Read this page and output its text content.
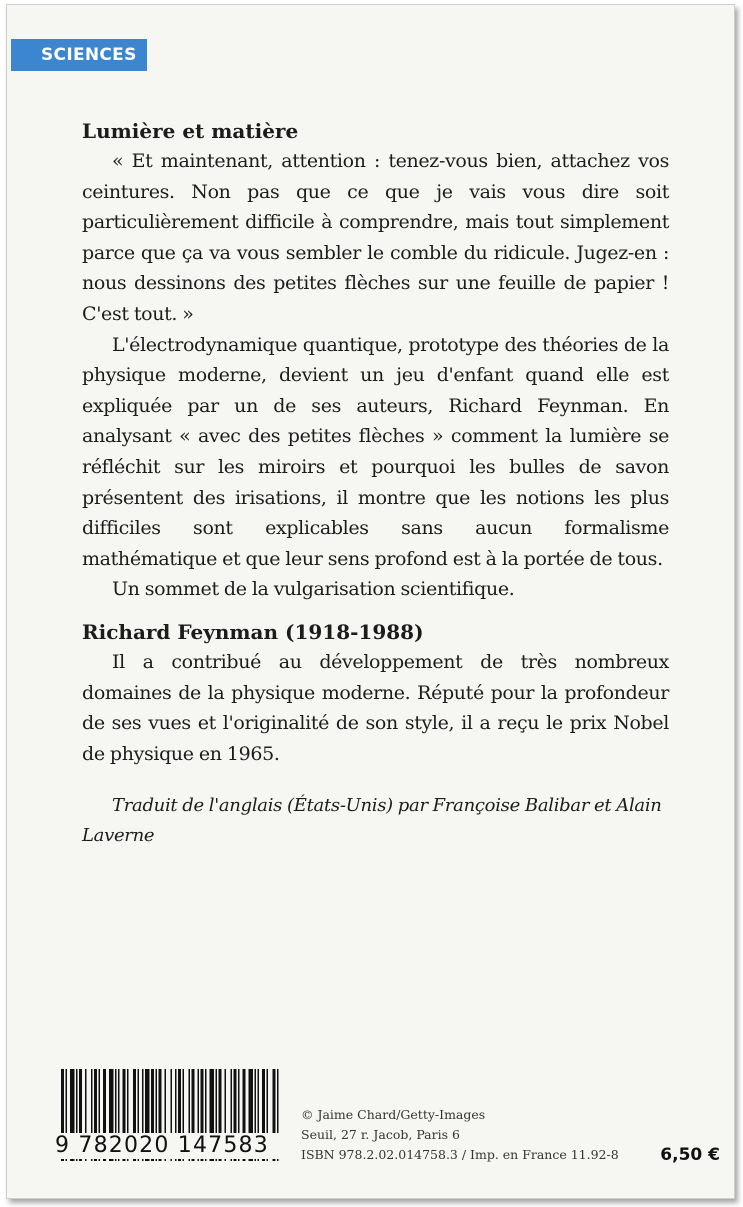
SCIENCES
Lumière et matière

« Et maintenant, attention : tenez-vous bien, attachez vos ceintures. Non pas que ce que je vais vous dire soit particulièrement difficile à comprendre, mais tout simplement parce que ça va vous sembler le comble du ridicule. Jugez-en : nous dessinons des petites flèches sur une feuille de papier ! C'est tout. »

L'électrodynamique quantique, prototype des théories de la physique moderne, devient un jeu d'enfant quand elle est expliquée par un de ses auteurs, Richard Feynman. En analysant « avec des petites flèches » comment la lumière se réfléchit sur les miroirs et pourquoi les bulles de savon présentent des irisations, il montre que les notions les plus difficiles sont explicables sans aucun formalisme mathématique et que leur sens profond est à la portée de tous.

Un sommet de la vulgarisation scientifique.

Richard Feynman (1918-1988)

Il a contribué au développement de très nombreux domaines de la physique moderne. Réputé pour la profondeur de ses vues et l'originalité de son style, il a reçu le prix Nobel de physique en 1965.

Traduit de l'anglais (États-Unis) par Françoise Balibar et Alain Laverne

9 782020 147583
© Jaime Chard/Getty-Images
Seuil, 27 r. Jacob, Paris 6
ISBN 978.2.02.014758.3 / Imp. en France 11.92-8	6,50 €
